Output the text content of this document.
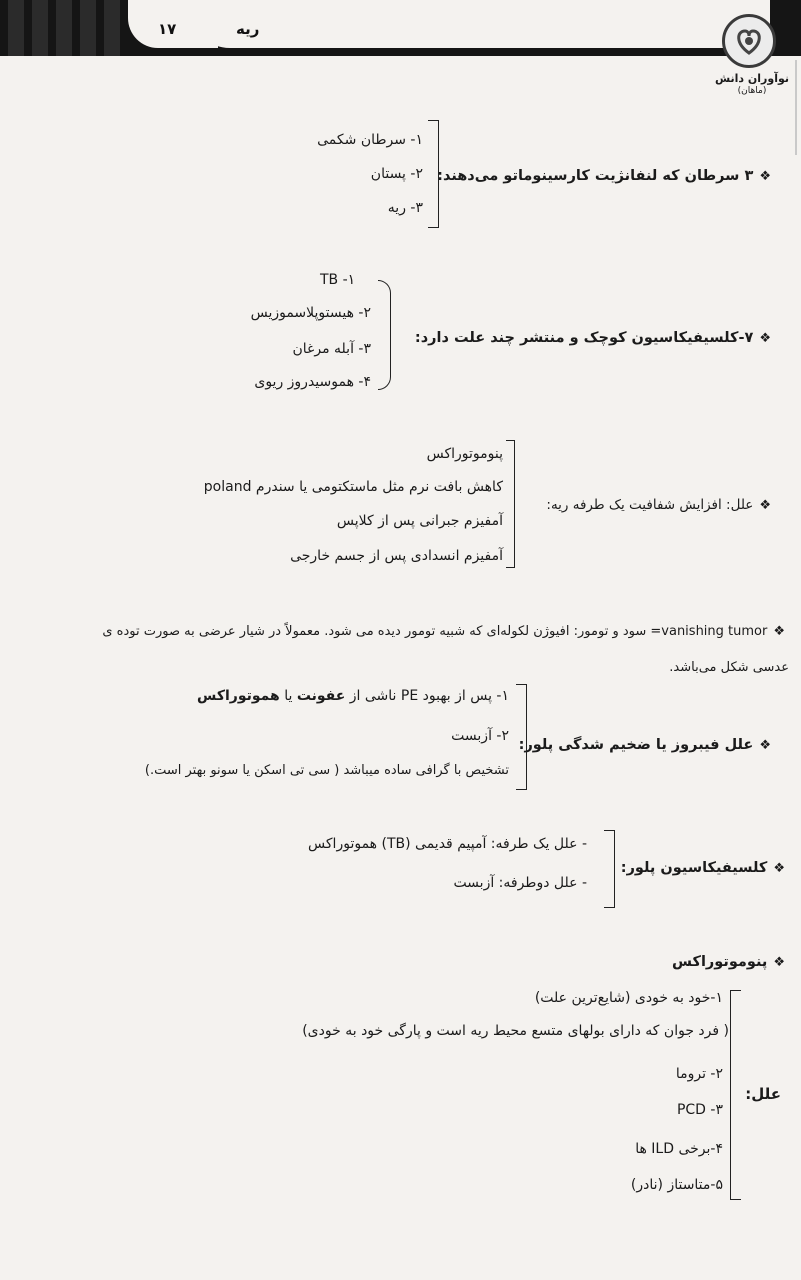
۱۷	ریه
نوآوران دانش
(ماهان)
❖۳ سرطان که لنفانژیت کارسینوماتو می‌دهند:
۱- سرطان شکمی
۲- پستان
۳- ریه
❖۷-کلسیفیکاسیون کوچک و منتشر چند علت دارد:
TB -۱
۲- هیستوپلاسموزیس
۳- آبله مرغان
۴- هموسیدروز ریوی
❖علل: افزایش شفافیت یک طرفه ریه:
پنوموتوراکس
کاهش بافت نرم مثل ماستکتومی یا سندرم poland
آمفیزم جبرانی پس از کلاپس
آمفیزم انسدادی پس از جسم خارجی
❖vanishing tumor= سود و تومور: افیوژن لکوله‌ای که شبیه تومور دیده می شود. معمولاً در شیار عرضی به صورت توده ی
عدسی شکل می‌باشد.
❖علل فیبروز یا ضخیم شدگی پلور:
۱- پس از بهبود PE ناشی از عفونت یا هموتوراکس
۲- آزبست
تشخیص با گرافی ساده میباشد ( سی تی اسکن یا سونو بهتر است.)
❖کلسیفیکاسیون پلور:
- علل یک طرفه: آمپیم قدیمی (TB) هموتوراکس
- علل دوطرفه: آزبست
❖پنوموتوراکس
علل:
۱-خود به خودی (شایع‌ترین علت)
( فرد جوان که دارای بولهای متسع محیط ریه است و پارگی خود به خودی)
۲- تروما
PCD -۳
۴-برخی ILD ها
۵-متاستاز (نادر)
